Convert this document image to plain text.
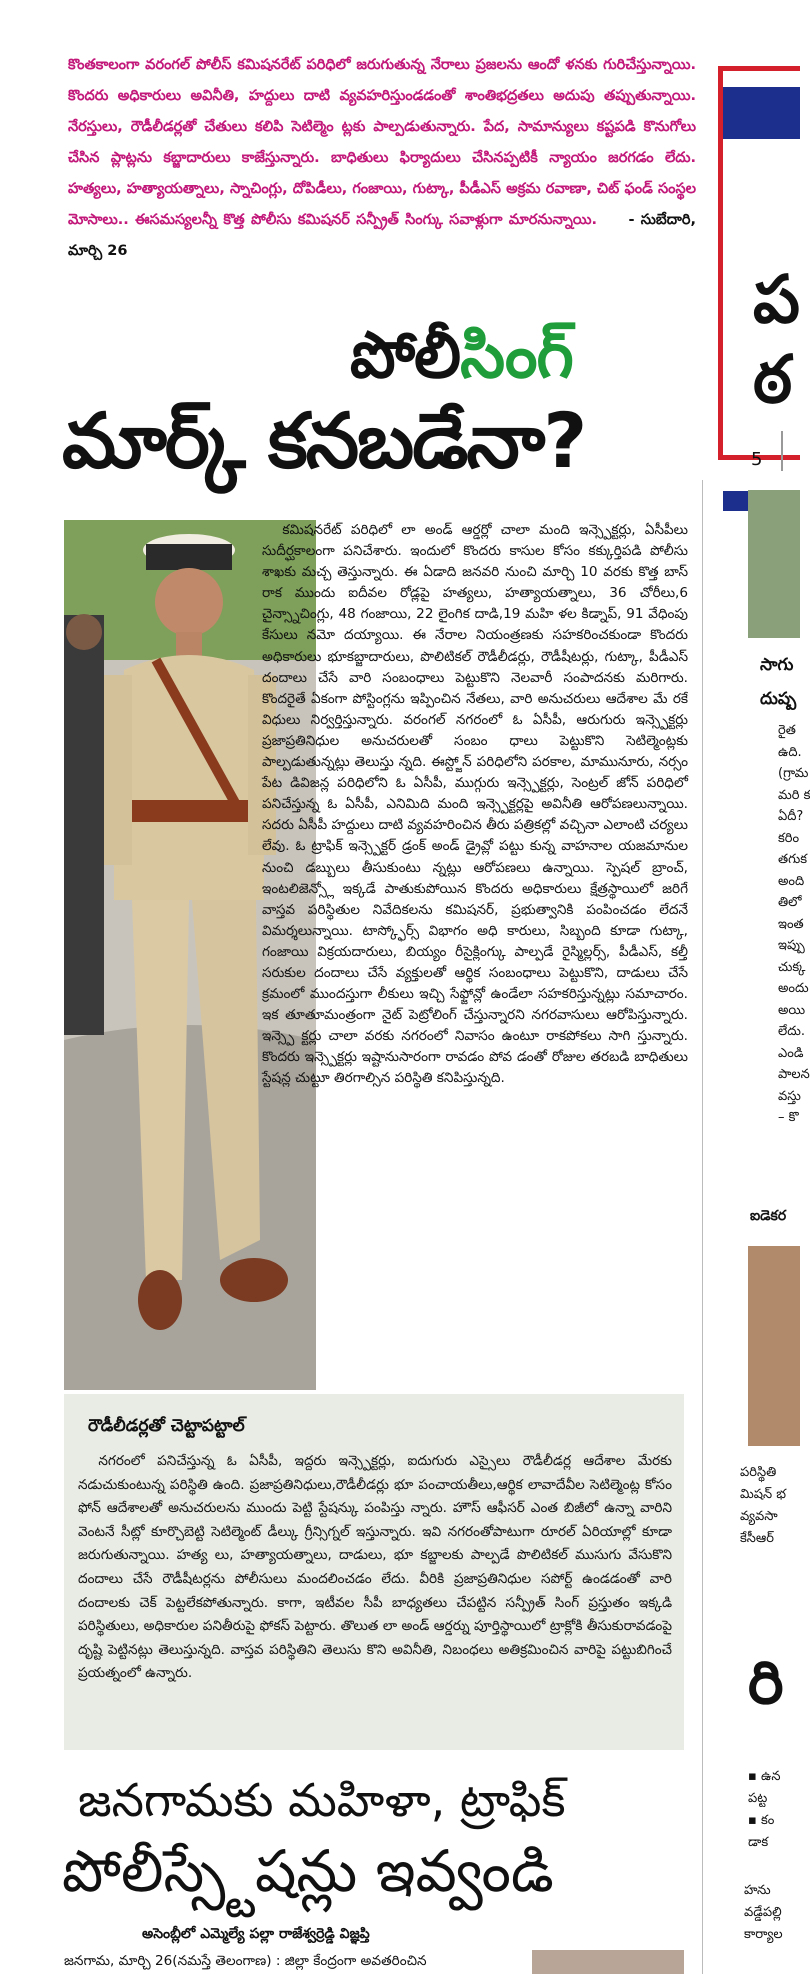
కొంతకాలంగా వరంగల్ పోలీస్ కమిషనరేట్ పరిధిలో జరుగుతున్న నేరాలు ప్రజలను ఆందో ళనకు గురిచేస్తున్నాయి. కొందరు అధికారులు అవినీతి, హద్దులు దాటి వ్యవహరిస్తుండడంతో శాంతిభద్రతలు అదుపు తప్పుతున్నాయి. నేరస్తులు, రౌడీలీడర్లతో చేతులు కలిపి సెటిల్మెం ట్లకు పాల్పడుతున్నారు. పేద, సామాన్యులు కష్టపడి కొనుగోలు చేసిన ప్లాట్లను కబ్జాదారులు కాజేస్తున్నారు. బాధితులు ఫిర్యాదులు చేసినప్పటికీ న్యాయం జరగడం లేదు. హత్యలు, హత్యాయత్నాలు, స్నాచింగ్లు, దోపిడీలు, గంజాయి, గుట్కా, పీడీఎస్ అక్రమ రవాణా, చిట్ ఫండ్ సంస్థల మోసాలు.. ఈసమస్యలన్నీ కొత్త పోలీసు కమిషనర్ సన్ప్రీత్ సింగ్కు సవాళ్లుగా మారనున్నాయి. - సుబేదారి, మార్చి 26
పోలీసింగ్
మార్క్ కనబడేనా?

కమిషనరేట్ పరిధిలో లా అండ్ ఆర్డర్లో చాలా మంది ఇన్స్పెక్టర్లు, ఏసీపీలు సుదీర్ఘకాలంగా పనిచేశారు. ఇందులో కొందరు కాసుల కోసం కక్కుర్తిపడి పోలీసు శాఖకు మచ్చ తెస్తున్నారు. ఈ ఏడాది జనవరి నుంచి మార్చి 10 వరకు కొత్త బాస్ రాక ముందు ఐదీవల రోడ్లపై హత్యలు, హత్యాయత్నాలు, 36 చోరీలు,6 చైన్స్నాచింగ్లు, 48 గంజాయి, 22 లైంగిక దాడి,19 మహి ళల కిడ్నాప్, 91 వేధింపు కేసులు నమో దయ్యాయి. ఈ నేరాల నియంత్రణకు సహకరించకుండా కొందరు అధికారులు భూకబ్జాదారులు, పొలిటికల్ రౌడీలీడర్లు, రౌడీషీటర్లు, గుట్కా, పీడీఎస్ దందాలు చేసే వారి సంబంధాలు పెట్టుకొని నెలవారీ సంపాదనకు మరిగారు. కొందరైతే ఏకంగా పోస్టింగ్లను ఇప్పించిన నేతలు, వారి అనుచరులు ఆదేశాల మే రకే విధులు నిర్వర్తిస్తున్నారు. వరంగల్ నగరంలో ఓ ఏసీపీ, ఆరుగురు ఇన్స్పెక్టర్లు ప్రజాప్రతినిధుల అనుచరులతో సంబం ధాలు పెట్టుకొని సెటిల్మెంట్లకు పాల్పడుతున్నట్లు తెలుస్తు న్నది. ఈస్ట్జోన్ పరిధిలోని పరకాల, మామునూరు, నర్సం పేట డివిజన్ల పరిధిలోని ఓ ఏసీపీ, ముగ్గురు ఇన్స్పెక్టర్లు, సెంట్రల్ జోన్ పరిధిలో పనిచేస్తున్న ఓ ఏసీపీ, ఎనిమిది మంది ఇన్స్పెక్టర్లపై అవినీతి ఆరోపణలున్నాయి. సదరు ఏసీపీ హద్దులు దాటి వ్యవహరించిన తీరు పత్రికల్లో వచ్చినా ఎలాంటి చర్యలు లేవు. ఓ ట్రాఫిక్ ఇన్స్పెక్టర్ డ్రంక్ అండ్ డ్రైవ్లో పట్టు కున్న వాహనాల యజమానుల నుంచి డబ్బులు తీసుకుంటు న్నట్లు ఆరోపణలు ఉన్నాయి. స్పెషల్ బ్రాంచ్, ఇంటలిజెన్స్లో ఇక్కడే పాతుకుపోయిన కొందరు అధికారులు క్షేత్రస్థాయిలో జరిగే వాస్తవ పరిస్థితుల నివేదికలను కమిషనర్, ప్రభుత్వానికి పంపించడం లేదనే విమర్శలున్నాయి. టాస్క్ఫోర్స్ విభాగం అధి కారులు, సిబ్బంది కూడా గుట్కా, గంజాయి విక్రయదారులు, బియ్యం రీసైక్లింగ్కు పాల్పడే రైస్మిల్లర్స్, పీడీఎస్, కల్తీ సరుకుల దందాలు చేసే వ్యక్తులతో ఆర్థిక సంబంధాలు పెట్టుకొని, దాడులు చేసే క్రమంలో ముందస్తుగా లీకులు ఇచ్చి సేఫ్జోన్లో ఉండేలా సహకరిస్తున్నట్లు సమాచారం. ఇక తూతూమంత్రంగా నైట్ పెట్రోలింగ్ చేస్తున్నారని నగరవాసులు ఆరోపిస్తున్నారు. ఇన్స్పె క్టర్లు చాలా వరకు నగరంలో నివాసం ఉంటూ రాకపోకలు సాగి స్తున్నారు. కొందరు ఇన్స్పెక్టర్లు ఇష్టానుసారంగా రావడం పోవ డంతో రోజుల తరబడి బాధితులు స్టేషన్ల చుట్టూ తిరగాల్సిన పరిస్థితి కనిపిస్తున్నది.

రౌడీలీడర్లతో చెట్టాపట్టాల్

నగరంలో పనిచేస్తున్న ఓ ఏసీపీ, ఇద్దరు ఇన్స్పెక్టర్లు, ఐదుగురు ఎస్సైలు రౌడీలీడర్ల ఆదేశాల మేరకు నడుచుకుంటున్న పరిస్థితి ఉంది. ప్రజాప్రతినిధులు,రౌడీలీడర్లు భూ పంచాయతీలు,ఆర్థిక లావాదేవీల సెటిల్మెంట్ల కోసం ఫోన్ ఆదేశాలతో అనుచరులను ముందు పెట్టి స్టేషన్కు పంపిస్తు న్నారు. హౌస్ ఆఫీసర్ ఎంత బిజీలో ఉన్నా వారిని వెంటనే సీట్లో కూర్చొబెట్టి సెటిల్మెంట్ డీల్కు గ్రీన్సిగ్నల్ ఇస్తున్నారు. ఇవి నగరంతోపాటుగా రూరల్ ఏరియాల్లో కూడా జరుగుతున్నాయి. హత్య లు, హత్యాయత్నాలు, దాడులు, భూ కబ్జాలకు పాల్పడే పొలిటికల్ ముసుగు వేసుకొని దందాలు చేసే రౌడీషీటర్లను పోలీసులు మందలించడం లేదు. వీరికి ప్రజాప్రతినిధుల సపోర్ట్ ఉండడంతో వారి దందాలకు చెక్ పెట్టలేకపోతున్నారు. కాగా, ఇటీవల సీపీ బాధ్యతలు చేపట్టిన సన్ప్రీత్ సింగ్ ప్రస్తుతం ఇక్కడి పరిస్థితులు, అధికారుల పనితీరుపై ఫోకస్ పెట్టారు. తొలుత లా అండ్ ఆర్డర్ను పూర్తిస్థాయిలో ట్రాక్లోకి తీసుకురావడంపై దృష్టి పెట్టినట్లు తెలుస్తున్నది. వాస్తవ పరిస్థితిని తెలుసు కొని అవినీతి, నిబంధలు అతిక్రమించిన వారిపై పట్టుబిగించే ప్రయత్నంలో ఉన్నారు.

జనగామకు మహిళా, ట్రాఫిక్
పోలీస్స్టేషన్లు ఇవ్వండి
అసెంబ్లీలో ఎమ్మెల్యే పల్లా రాజేశ్వర్రెడ్డి విజ్ఞప్తి
జనగామ, మార్చి 26(నమస్తే తెలంగాణ) : జిల్లా కేంద్రంగా అవతరించిన
ప
ఠ
5
సాగు
దుష్ప
రైత
ఉది.
(గ్రామ
మరి క
ఏదీ?
కరిం
తగుక
అంది
తిలో
ఇంత
ఇప్పు
చుక్క
అందు
అయి
లేదు.
ఎండి
పాలన
వస్తు
– కొ
ఐడెకర
పరిస్థితి
మిషన్ భ
వ్యవసా
కేసీఆర్
రి
▪ ఉన
పట్ట
▪ కం
డాక
హను
వడ్డేపల్లి
కార్యాల
